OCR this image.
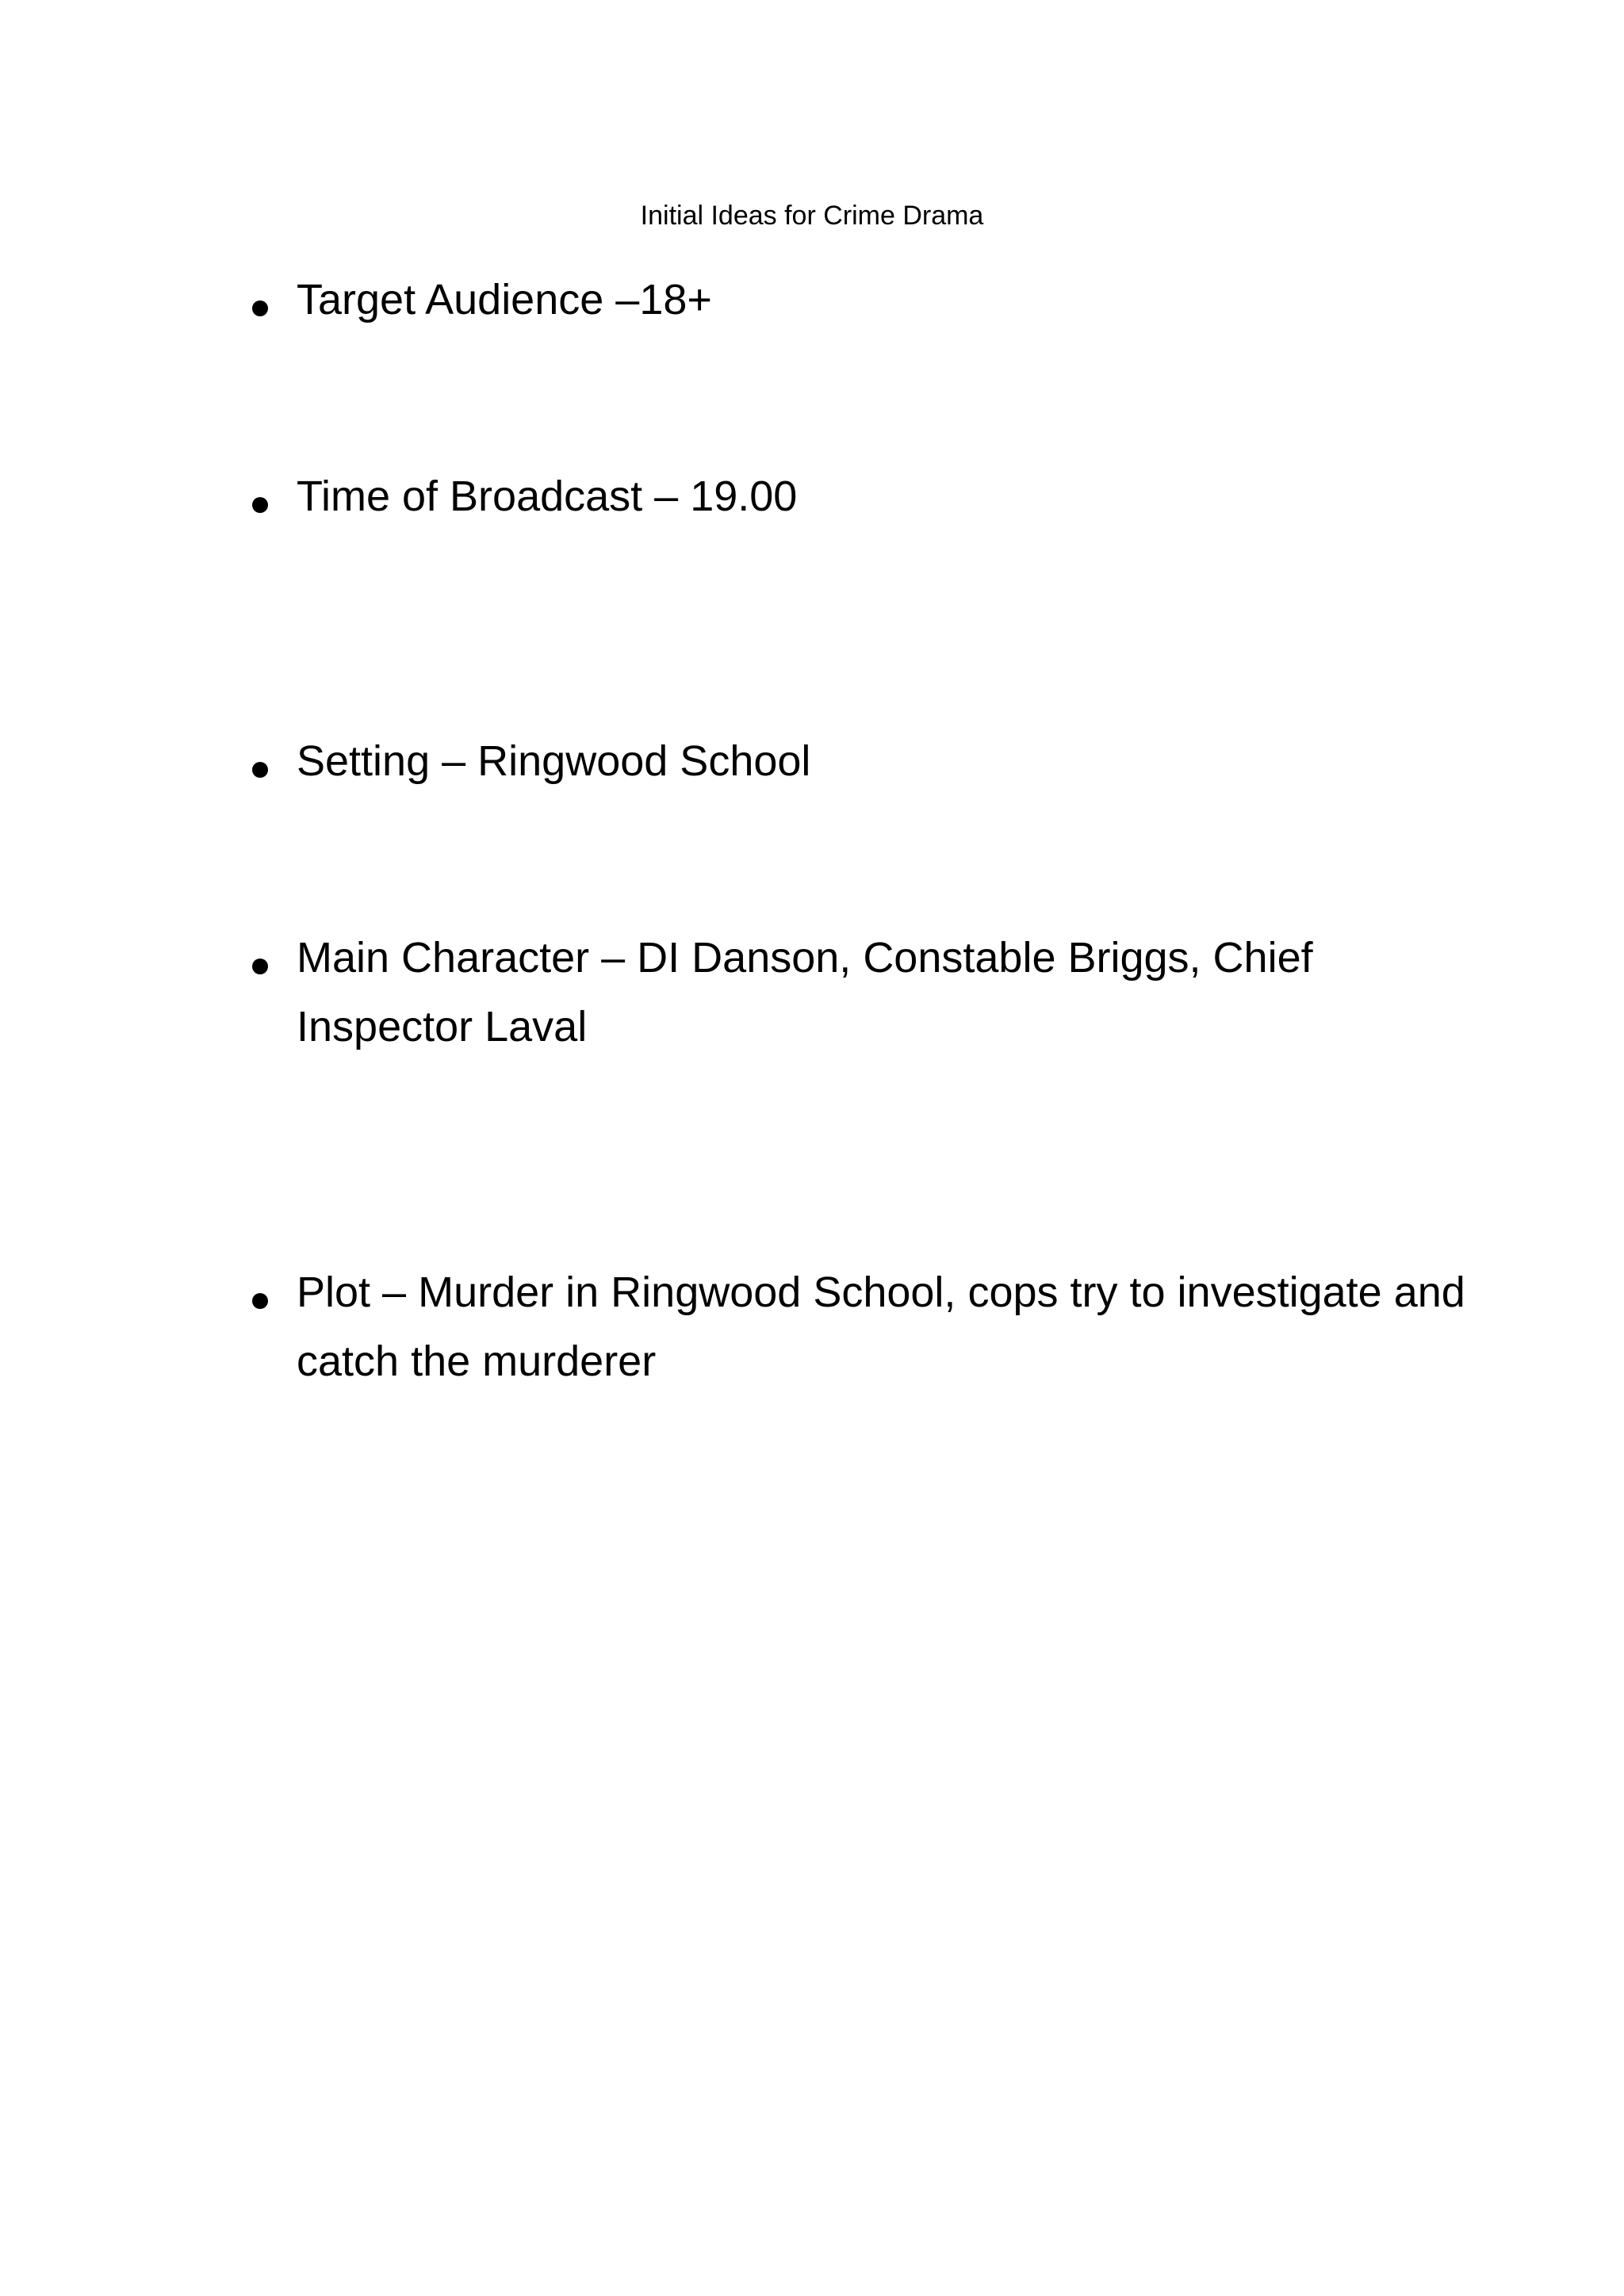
Initial Ideas for Crime Drama
Target Audience –18+
Time of Broadcast – 19.00
Setting – Ringwood School
Main Character – DI Danson, Constable Briggs, Chief Inspector Laval
Plot – Murder in Ringwood School, cops try to investigate and catch the murderer
